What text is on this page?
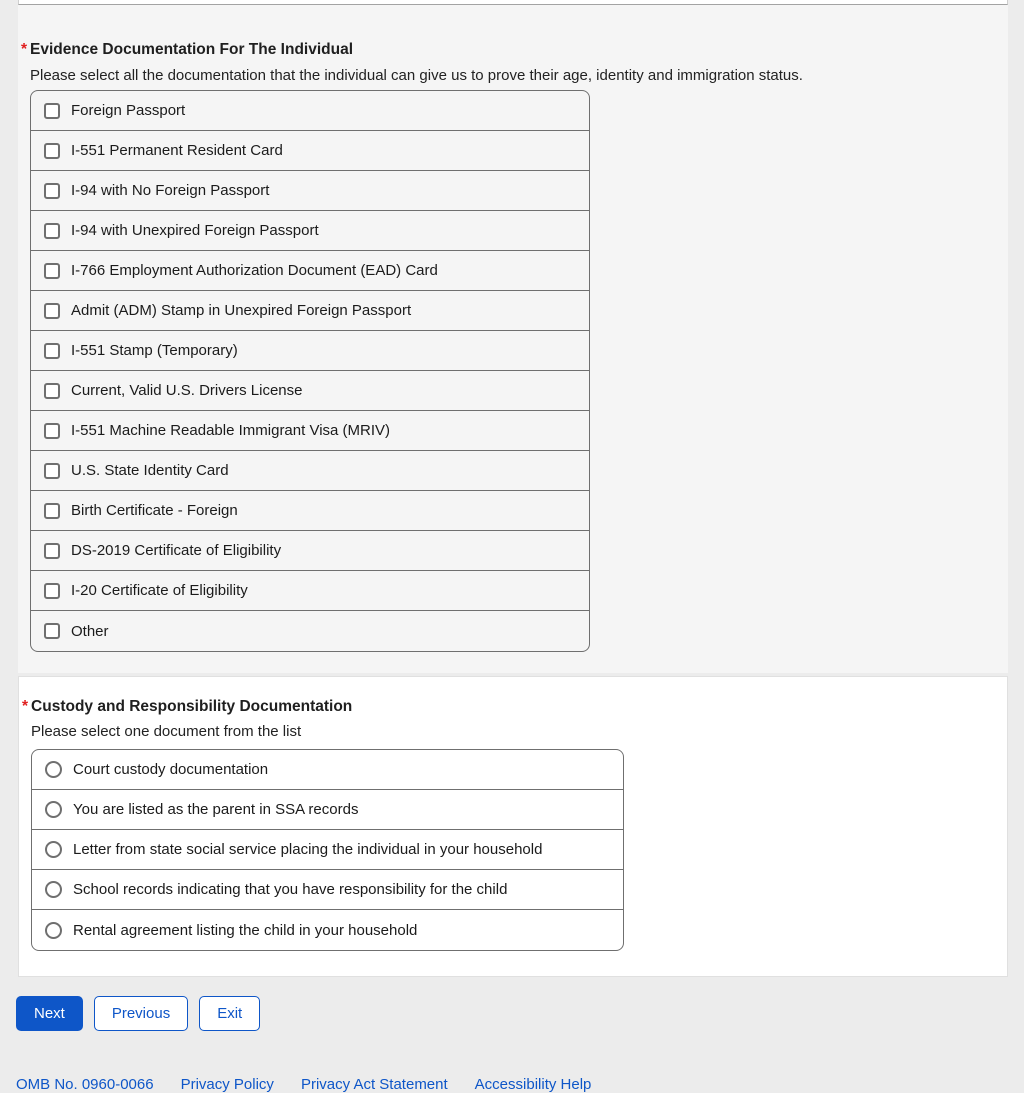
* Evidence Documentation For The Individual
Please select all the documentation that the individual can give us to prove their age, identity and immigration status.
Foreign Passport
I-551 Permanent Resident Card
I-94 with No Foreign Passport
I-94 with Unexpired Foreign Passport
I-766 Employment Authorization Document (EAD) Card
Admit (ADM) Stamp in Unexpired Foreign Passport
I-551 Stamp (Temporary)
Current, Valid U.S. Drivers License
I-551 Machine Readable Immigrant Visa (MRIV)
U.S. State Identity Card
Birth Certificate - Foreign
DS-2019 Certificate of Eligibility
I-20 Certificate of Eligibility
Other
* Custody and Responsibility Documentation
Please select one document from the list
Court custody documentation
You are listed as the parent in SSA records
Letter from state social service placing the individual in your household
School records indicating that you have responsibility for the child
Rental agreement listing the child in your household
Next	Previous	Exit
OMB No. 0960-0066 Privacy Policy Privacy Act Statement Accessibility Help
